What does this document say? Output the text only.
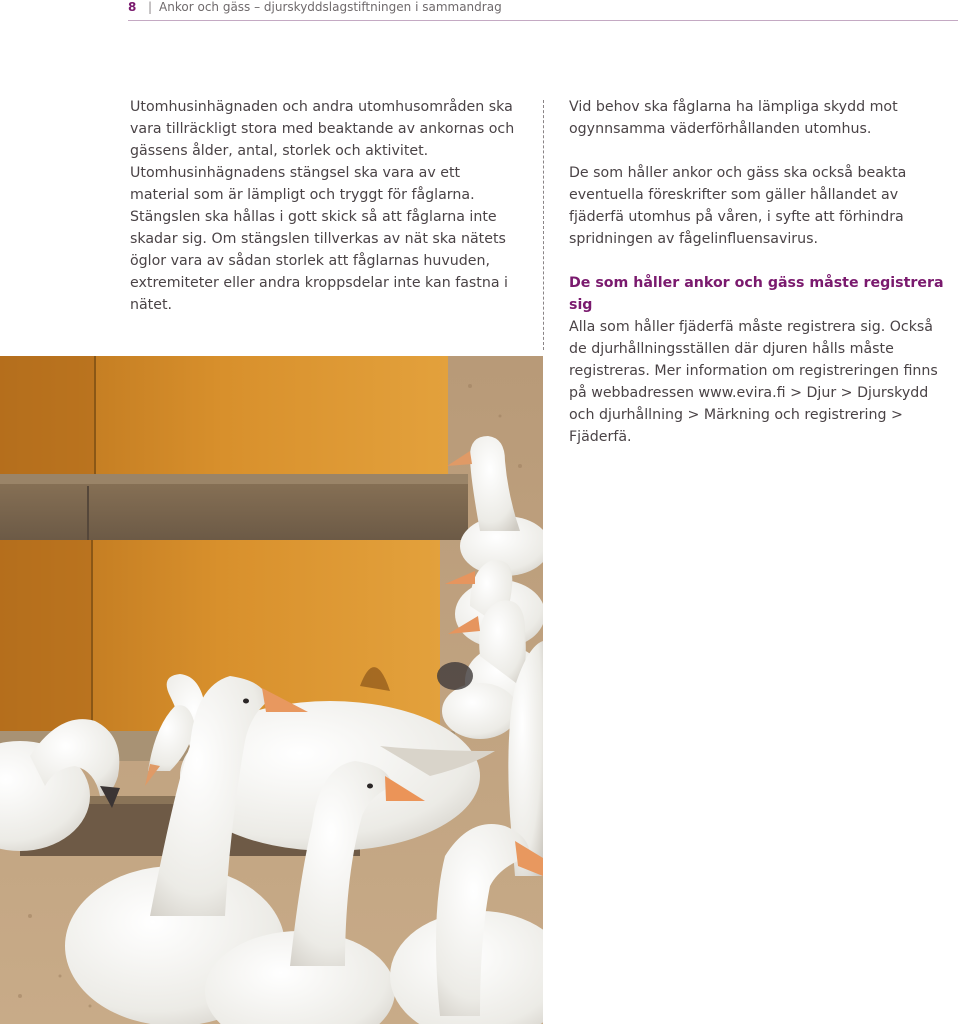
8
|	Ankor och gäss – djurskyddslagstiftningen i sammandrag

Utomhusinhägnaden och andra utomhusområden ska vara tillräckligt stora med beaktande av ankornas och gässens ålder, antal, storlek och aktivitet. Utomhusinhägnadens stängsel ska vara av ett material som är lämpligt och tryggt för fåglarna. Stängslen ska hållas i gott skick så att fåglarna inte skadar sig. Om stängslen tillverkas av nät ska nätets öglor vara av sådan storlek att fåglarnas huvuden, extremiteter eller andra kroppsdelar inte kan fastna i nätet.

Vid behov ska fåglarna ha lämpliga skydd mot ogynnsamma väderförhållanden utomhus.

De som håller ankor och gäss ska också beakta eventuella föreskrifter som gäller hållandet av fjäderfä utomhus på våren, i syfte att förhindra spridningen av fågelinfluensavirus.

De som håller ankor och gäss måste registrera sig

Alla som håller fjäderfä måste registrera sig. Också de djurhållningsställen där djuren hålls måste registreras. Mer information om registreringen finns på webbadressen www.evira.fi > Djur > Djurskydd och djurhållning > Märkning och registrering > Fjäderfä.
